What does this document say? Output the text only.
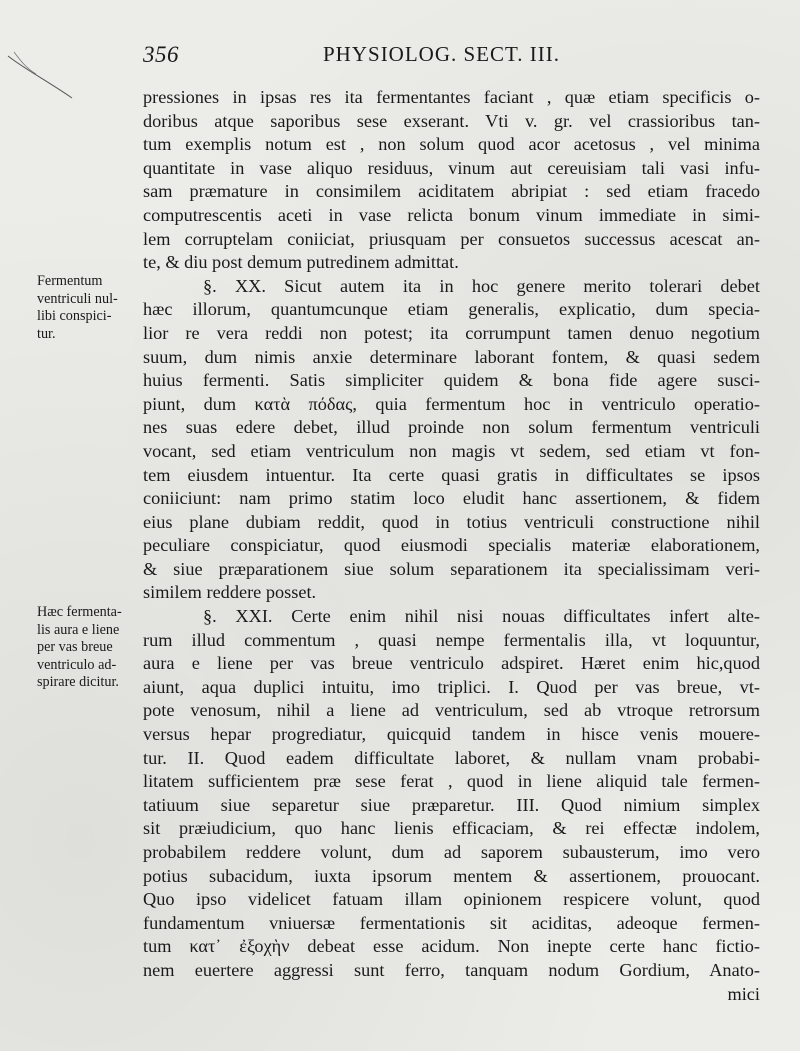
356	PHYSIOLOG. SECT. III.
pressiones in ipsas res ita fermentantes faciant , quæ etiam specificis o-
doribus atque saporibus sese exserant. Vti v. gr. vel crassioribus tan-
tum exemplis notum est , non solum quod acor acetosus , vel minima
quantitate in vase aliquo residuus, vinum aut cereuisiam tali vasi infu-
sam præmature in consimilem aciditatem abripiat : sed etiam fracedo
computrescentis aceti in vase relicta bonum vinum immediate in simi-
lem corruptelam coniiciat, priusquam per consuetos successus acescat an-
te, & diu post demum putredinem admittat.
§. XX. Sicut autem ita in hoc genere merito tolerari debet
hæc illorum, quantumcunque etiam generalis, explicatio, dum specia-
lior re vera reddi non potest; ita corrumpunt tamen denuo negotium
suum, dum nimis anxie determinare laborant fontem, & quasi sedem
huius fermenti. Satis simpliciter quidem & bona fide agere susci-
piunt, dum κατὰ πόδας, quia fermentum hoc in ventriculo operatio-
nes suas edere debet, illud proinde non solum fermentum ventriculi
vocant, sed etiam ventriculum non magis vt sedem, sed etiam vt fon-
tem eiusdem intuentur. Ita certe quasi gratis in difficultates se ipsos
coniiciunt: nam primo statim loco eludit hanc assertionem, & fidem
eius plane dubiam reddit, quod in totius ventriculi constructione nihil
peculiare conspiciatur, quod eiusmodi specialis materiæ elaborationem,
& siue præparationem siue solum separationem ita specialissimam veri-
similem reddere posset.
§. XXI. Certe enim nihil nisi nouas difficultates infert alte-
rum illud commentum , quasi nempe fermentalis illa, vt loquuntur,
aura e liene per vas breue ventriculo adspiret. Hæret enim hic,quod
aiunt, aqua duplici intuitu, imo triplici. I. Quod per vas breue, vt-
pote venosum, nihil a liene ad ventriculum, sed ab vtroque retrorsum
versus hepar progrediatur, quicquid tandem in hisce venis mouere-
tur. II. Quod eadem difficultate laboret, & nullam vnam probabi-
litatem sufficientem præ sese ferat , quod in liene aliquid tale fermen-
tatiuum siue separetur siue præparetur. III. Quod nimium simplex
sit præiudicium, quo hanc lienis efficaciam, & rei effectæ indolem,
probabilem reddere volunt, dum ad saporem subausterum, imo vero
potius subacidum, iuxta ipsorum mentem & assertionem, prouocant.
Quo ipso videlicet fatuam illam opinionem respicere volunt, quod
fundamentum vniuersæ fermentationis sit aciditas, adeoque fermen-
tum κατ᾽ ἐξοχὴν debeat esse acidum. Non inepte certe hanc fictio-
nem euertere aggressi sunt ferro, tanquam nodum Gordium, Anato-
mici
Fermentum
ventriculi nul-
libi conspici-
tur.
Hæc fermenta-
lis aura e liene
per vas breue
ventriculo ad-
spirare dicitur.
